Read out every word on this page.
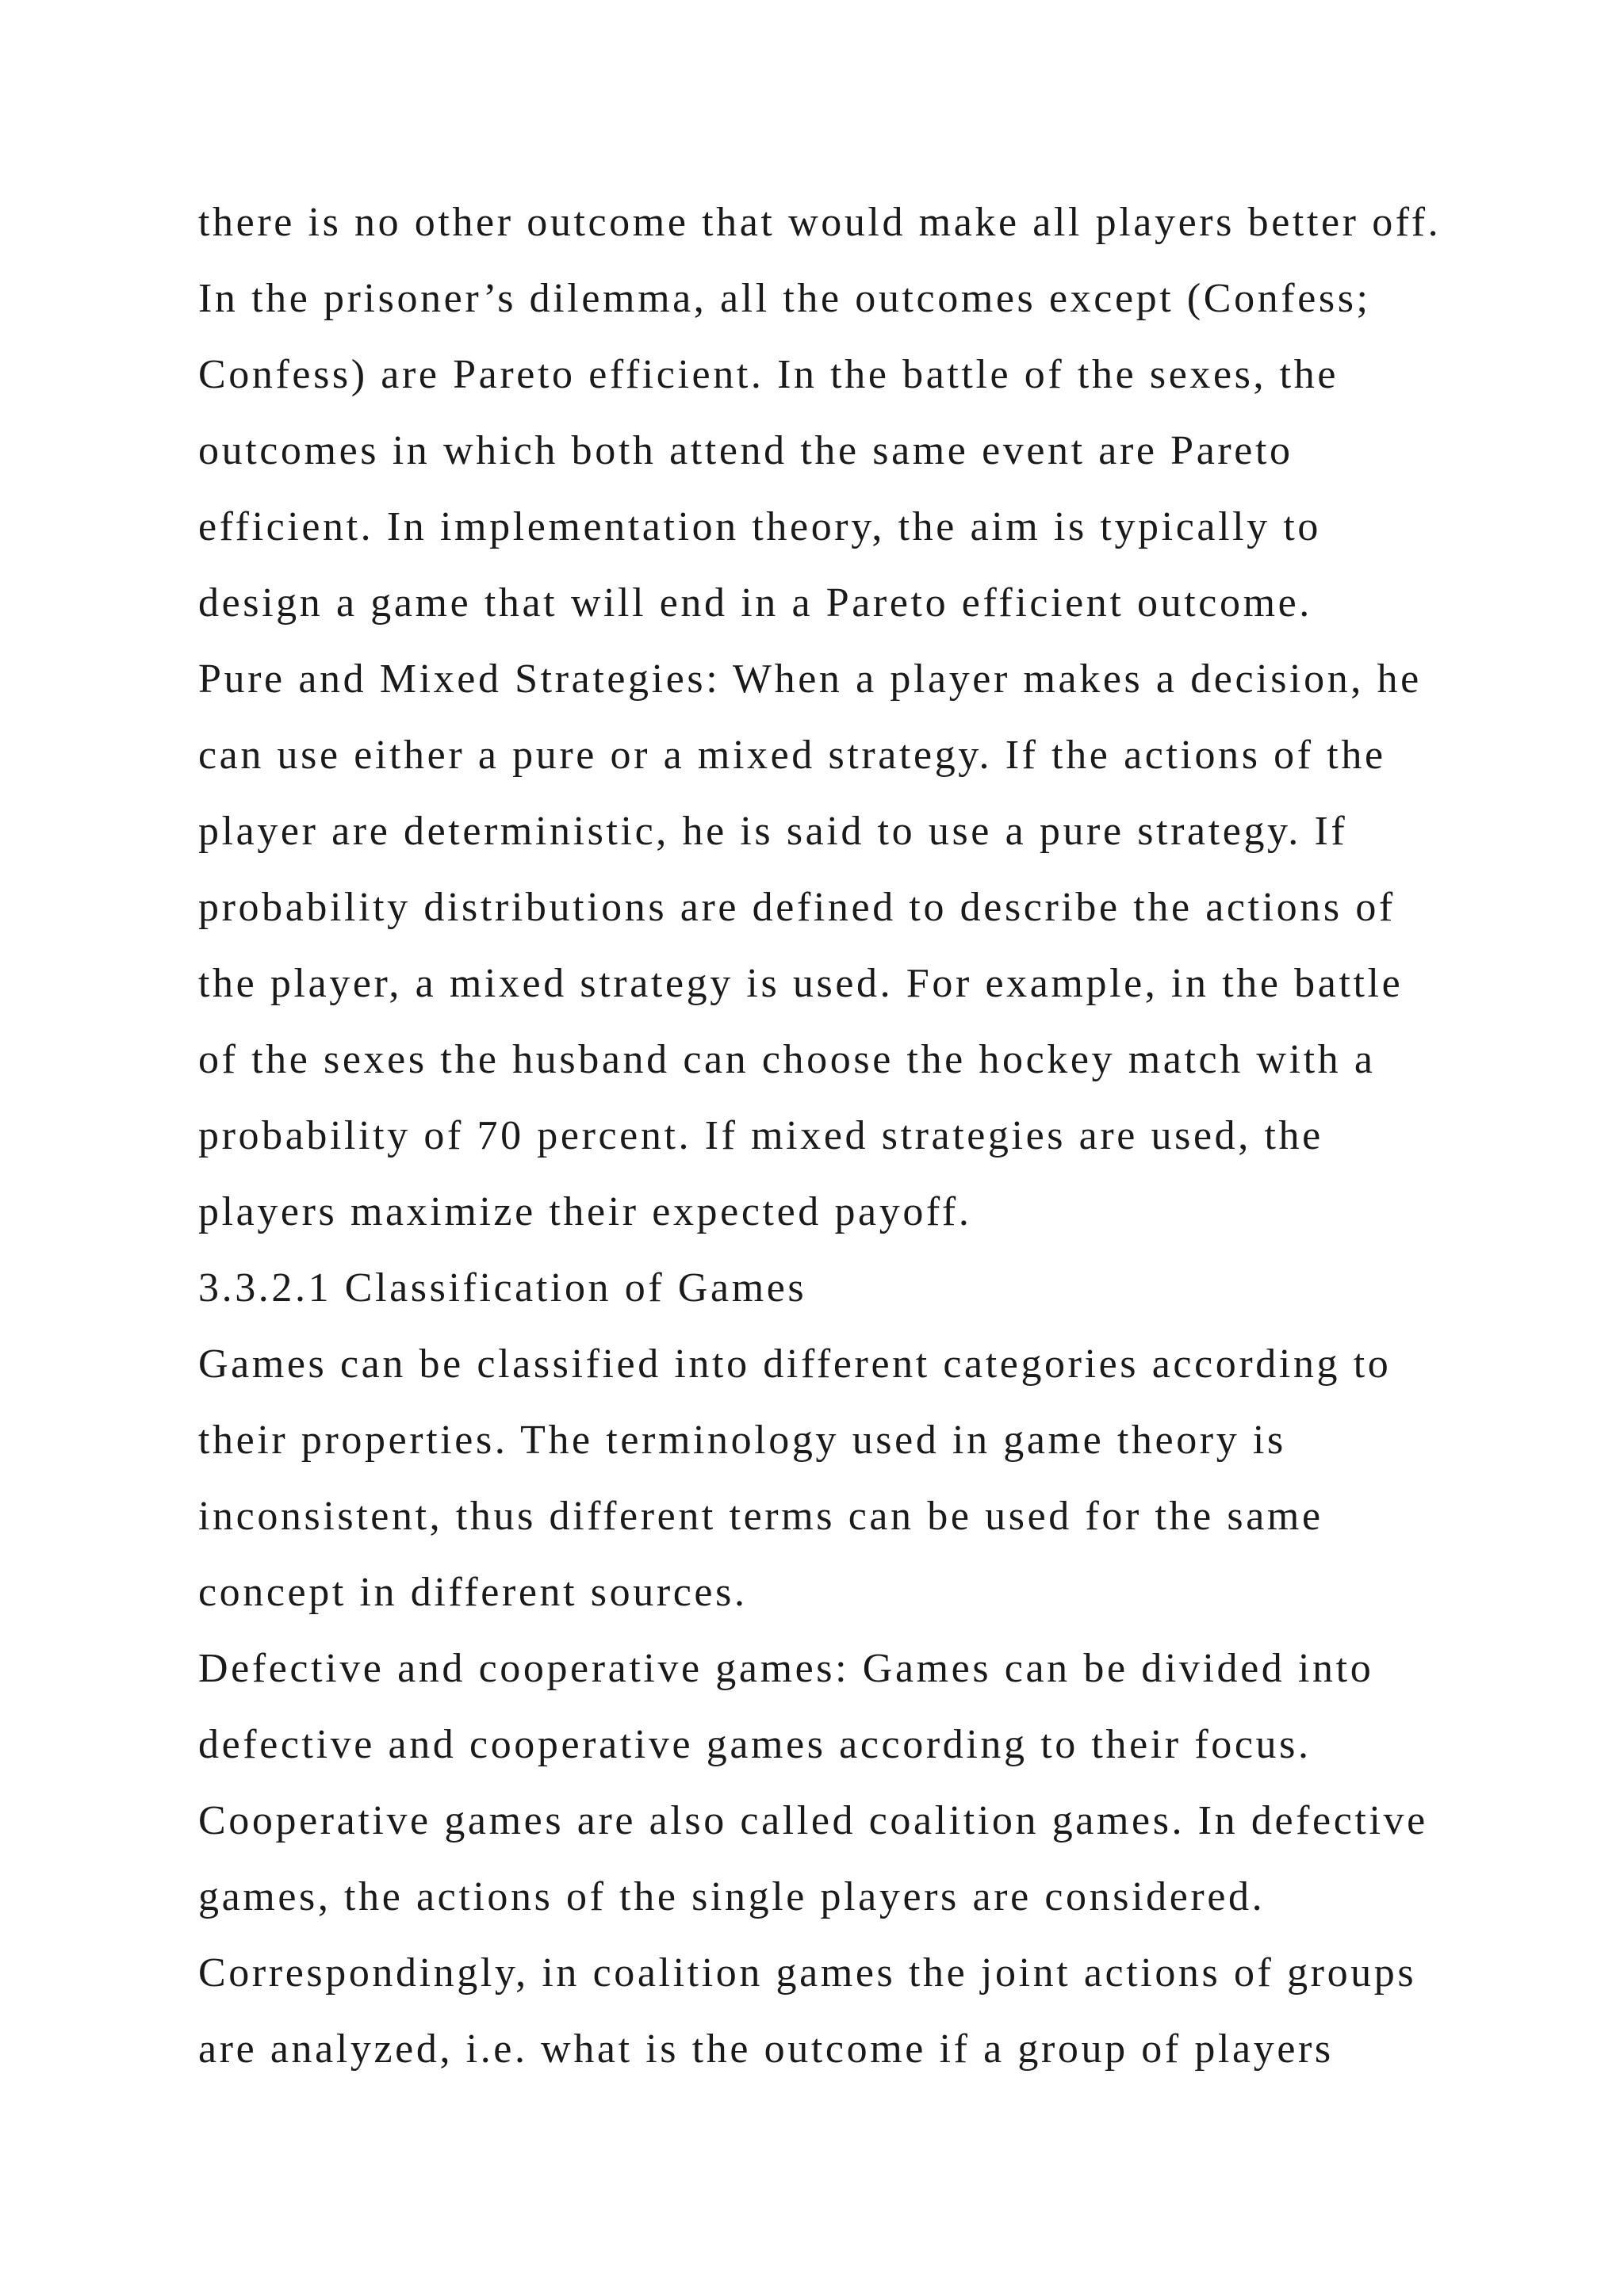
there is no other outcome that would make all players better off.
In the prisoner’s dilemma, all the outcomes except (Confess;
Confess) are Pareto efficient. In the battle of the sexes, the
outcomes in which both attend the same event are Pareto
efficient. In implementation theory, the aim is typically to
design a game that will end in a Pareto efficient outcome.
Pure and Mixed Strategies: When a player makes a decision, he
can use either a pure or a mixed strategy. If the actions of the
player are deterministic, he is said to use a pure strategy. If
probability distributions are defined to describe the actions of
the player, a mixed strategy is used. For example, in the battle
of the sexes the husband can choose the hockey match with a
probability of 70 percent. If mixed strategies are used, the
players maximize their expected payoff.
3.3.2.1 Classification of Games
Games can be classified into different categories according to
their properties. The terminology used in game theory is
inconsistent, thus different terms can be used for the same
concept in different sources.
Defective and cooperative games: Games can be divided into
defective and cooperative games according to their focus.
Cooperative games are also called coalition games. In defective
games, the actions of the single players are considered.
Correspondingly, in coalition games the joint actions of groups
are analyzed, i.e. what is the outcome if a group of players
